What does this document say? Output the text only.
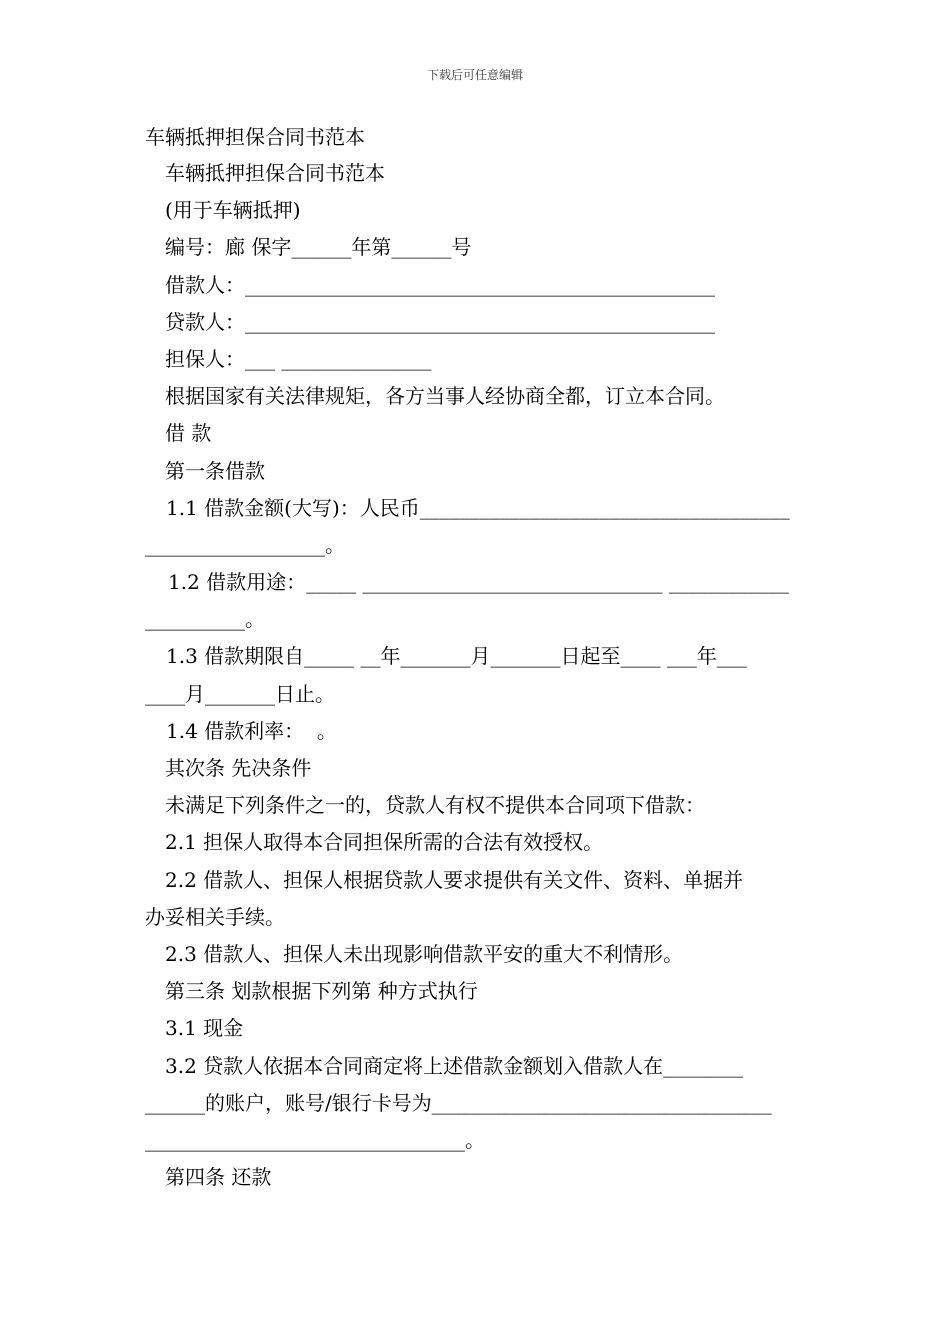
下载后可任意编辑
车辆抵押担保合同书范本
车辆抵押担保合同书范本
(用于车辆抵押)
编号：廊 保字______年第______号
借款人：_______________________________________________
贷款人：_______________________________________________
担保人：___ _______________
根据国家有关法律规矩，各方当事人经协商全都，订立本合同。
借 款
第一条借款
1.1 借款金额(大写)：人民币_____________________________________
__________________。
1.2 借款用途：_____ ______________________________ ____________
__________。
1.3 借款期限自_____ __年_______月_______日起至____ ___年___
____月_______日止。
1.4 借款利率：  。
其次条 先决条件
未满足下列条件之一的，贷款人有权不提供本合同项下借款：
2.1 担保人取得本合同担保所需的合法有效授权。
2.2 借款人、担保人根据贷款人要求提供有关文件、资料、单据并
办妥相关手续。
2.3 借款人、担保人未出现影响借款平安的重大不利情形。
第三条 划款根据下列第 种方式执行
3.1 现金
3.2 贷款人依据本合同商定将上述借款金额划入借款人在________
______的账户，账号/银行卡号为__________________________________
________________________________。
第四条 还款
